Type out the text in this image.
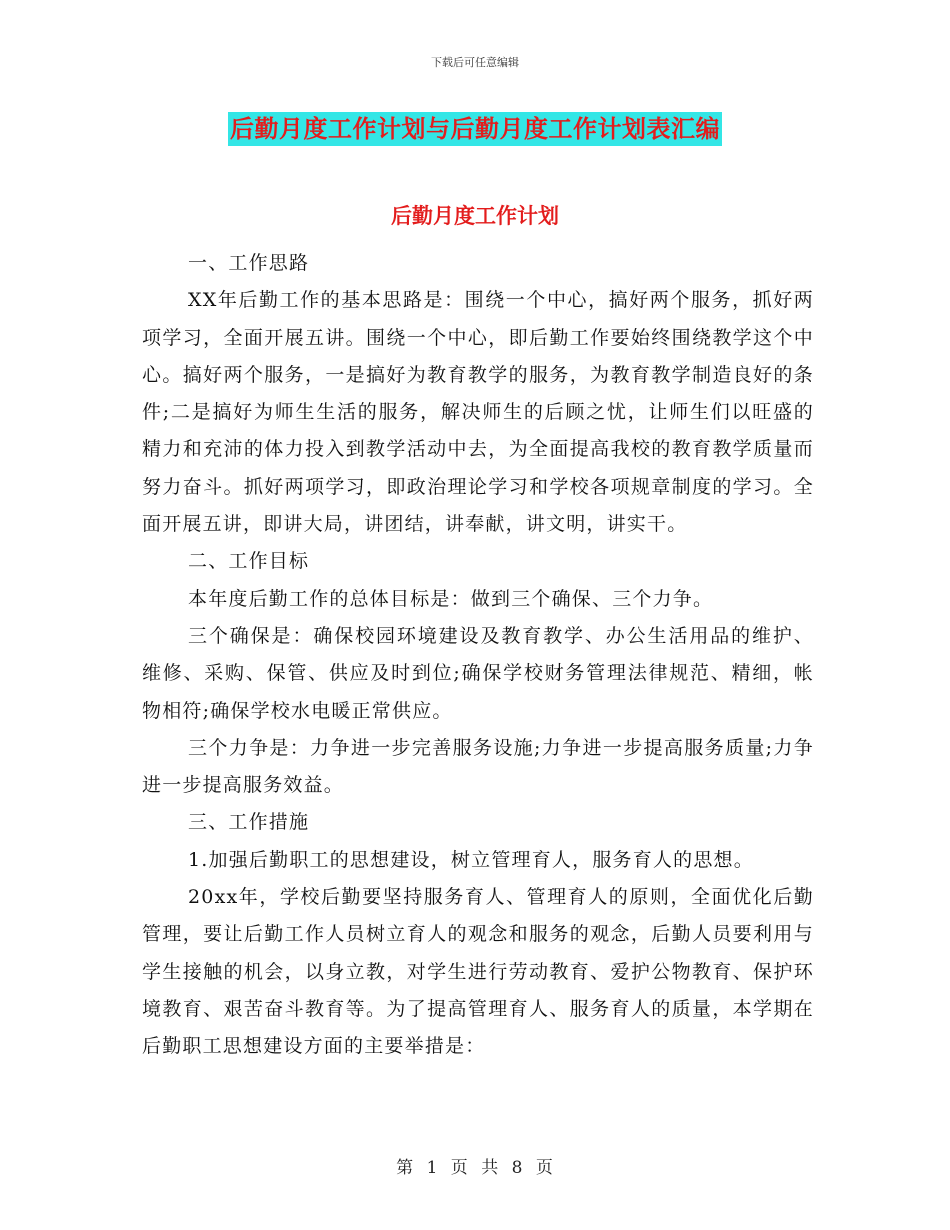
下载后可任意编辑
后勤月度工作计划与后勤月度工作计划表汇编
后勤月度工作计划

一、工作思路

XX年后勤工作的基本思路是：围绕一个中心，搞好两个服务，抓好两项学习，全面开展五讲。围绕一个中心，即后勤工作要始终围绕教学这个中心。搞好两个服务，一是搞好为教育教学的服务，为教育教学制造良好的条件;二是搞好为师生生活的服务，解决师生的后顾之忧，让师生们以旺盛的精力和充沛的体力投入到教学活动中去，为全面提高我校的教育教学质量而努力奋斗。抓好两项学习，即政治理论学习和学校各项规章制度的学习。全面开展五讲，即讲大局，讲团结，讲奉献，讲文明，讲实干。

二、工作目标

本年度后勤工作的总体目标是：做到三个确保、三个力争。

三个确保是：确保校园环境建设及教育教学、办公生活用品的维护、维修、采购、保管、供应及时到位;确保学校财务管理法律规范、精细，帐物相符;确保学校水电暖正常供应。

三个力争是：力争进一步完善服务设施;力争进一步提高服务质量;力争进一步提高服务效益。

三、工作措施

1.加强后勤职工的思想建设，树立管理育人，服务育人的思想。

20xx年，学校后勤要坚持服务育人、管理育人的原则，全面优化后勤管理，要让后勤工作人员树立育人的观念和服务的观念，后勤人员要利用与学生接触的机会，以身立教，对学生进行劳动教育、爱护公物教育、保护环境教育、艰苦奋斗教育等。为了提高管理育人、服务育人的质量，本学期在后勤职工思想建设方面的主要举措是：

第 1 页 共 8 页
